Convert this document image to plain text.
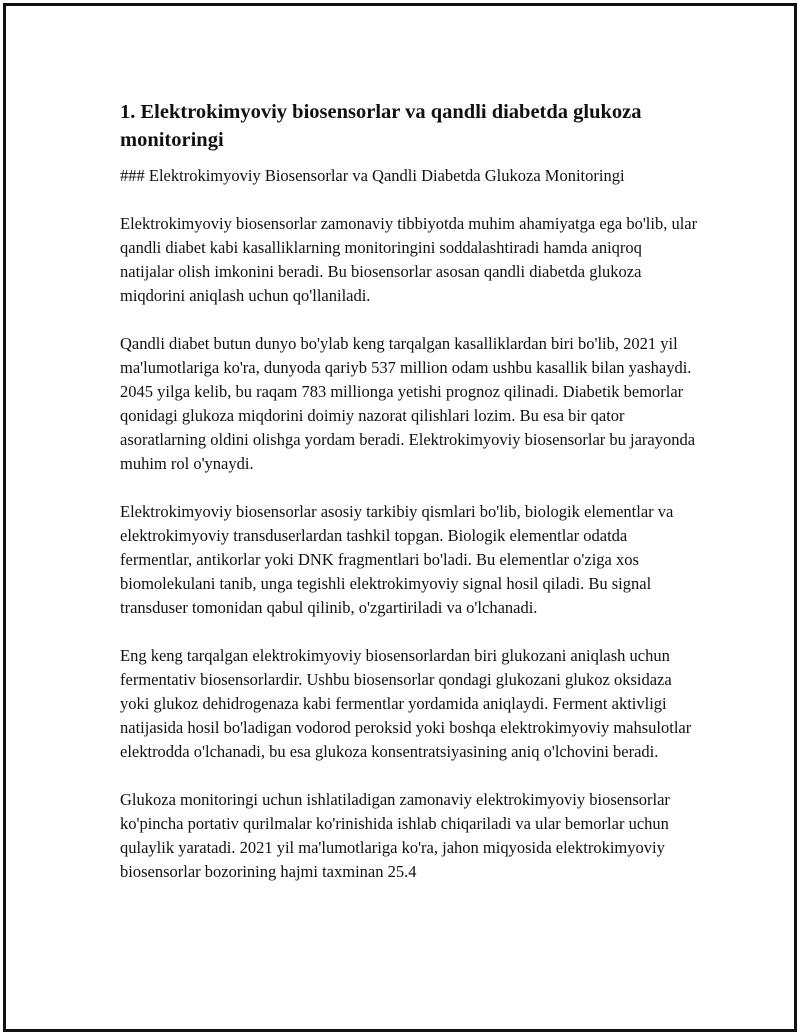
1. Elektrokimyoviy biosensorlar va qandli diabetda glukoza monitoringi

### Elektrokimyoviy Biosensorlar va Qandli Diabetda Glukoza Monitoringi

Elektrokimyoviy biosensorlar zamonaviy tibbiyotda muhim ahamiyatga ega bo'lib, ular qandli diabet kabi kasalliklarning monitoringini soddalashtiradi hamda aniqroq natijalar olish imkonini beradi. Bu biosensorlar asosan qandli diabetda glukoza miqdorini aniqlash uchun qo'llaniladi.

Qandli diabet butun dunyo bo'ylab keng tarqalgan kasalliklardan biri bo'lib, 2021 yil ma'lumotlariga ko'ra, dunyoda qariyb 537 million odam ushbu kasallik bilan yashaydi. 2045 yilga kelib, bu raqam 783 millionga yetishi prognoz qilinadi. Diabetik bemorlar qonidagi glukoza miqdorini doimiy nazorat qilishlari lozim. Bu esa bir qator asoratlarning oldini olishga yordam beradi. Elektrokimyoviy biosensorlar bu jarayonda muhim rol o'ynaydi.

Elektrokimyoviy biosensorlar asosiy tarkibiy qismlari bo'lib, biologik elementlar va elektrokimyoviy transduserlardan tashkil topgan. Biologik elementlar odatda fermentlar, antikorlar yoki DNK fragmentlari bo'ladi. Bu elementlar o'ziga xos biomolekulani tanib, unga tegishli elektrokimyoviy signal hosil qiladi. Bu signal transduser tomonidan qabul qilinib, o'zgartiriladi va o'lchanadi.

Eng keng tarqalgan elektrokimyoviy biosensorlardan biri glukozani aniqlash uchun fermentativ biosensorlardir. Ushbu biosensorlar qondagi glukozani glukoz oksidaza yoki glukoz dehidrogenaza kabi fermentlar yordamida aniqlaydi. Ferment aktivligi natijasida hosil bo'ladigan vodorod peroksid yoki boshqa elektrokimyoviy mahsulotlar elektrodda o'lchanadi, bu esa glukoza konsentratsiyasining aniq o'lchovini beradi.

Glukoza monitoringi uchun ishlatiladigan zamonaviy elektrokimyoviy biosensorlar ko'pincha portativ qurilmalar ko'rinishida ishlab chiqariladi va ular bemorlar uchun qulaylik yaratadi. 2021 yil ma'lumotlariga ko'ra, jahon miqyosida elektrokimyoviy biosensorlar bozorining hajmi taxminan 25.4
